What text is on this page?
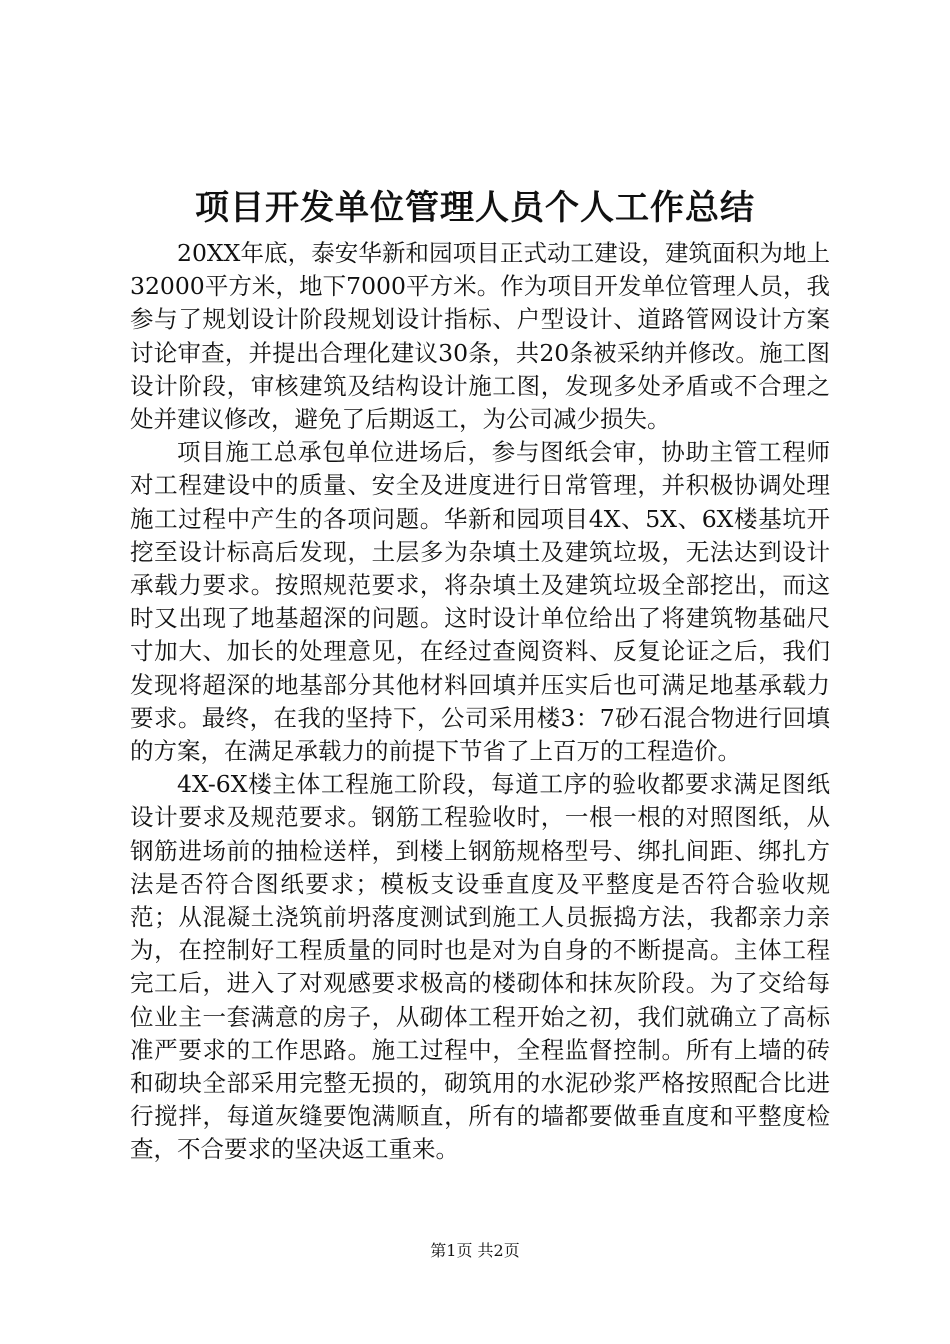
项目开发单位管理人员个人工作总结

20XX年底，泰安华新和园项目正式动工建设，建筑面积为地上32000平方米，地下7000平方米。作为项目开发单位管理人员，我参与了规划设计阶段规划设计指标、户型设计、道路管网设计方案讨论审查，并提出合理化建议30条，共20条被采纳并修改。施工图设计阶段，审核建筑及结构设计施工图，发现多处矛盾或不合理之处并建议修改，避免了后期返工，为公司减少损失。

项目施工总承包单位进场后，参与图纸会审，协助主管工程师对工程建设中的质量、安全及进度进行日常管理，并积极协调处理施工过程中产生的各项问题。华新和园项目4X、5X、6X楼基坑开挖至设计标高后发现，土层多为杂填土及建筑垃圾，无法达到设计承载力要求。按照规范要求，将杂填土及建筑垃圾全部挖出，而这时又出现了地基超深的问题。这时设计单位给出了将建筑物基础尺寸加大、加长的处理意见，在经过查阅资料、反复论证之后，我们发现将超深的地基部分其他材料回填并压实后也可满足地基承载力要求。最终，在我的坚持下，公司采用楼3：7砂石混合物进行回填的方案，在满足承载力的前提下节省了上百万的工程造价。

4X-6X楼主体工程施工阶段，每道工序的验收都要求满足图纸设计要求及规范要求。钢筋工程验收时，一根一根的对照图纸，从钢筋进场前的抽检送样，到楼上钢筋规格型号、绑扎间距、绑扎方法是否符合图纸要求；模板支设垂直度及平整度是否符合验收规范；从混凝土浇筑前坍落度测试到施工人员振捣方法，我都亲力亲为，在控制好工程质量的同时也是对为自身的不断提高。主体工程完工后，进入了对观感要求极高的楼砌体和抹灰阶段。为了交给每位业主一套满意的房子，从砌体工程开始之初，我们就确立了高标准严要求的工作思路。施工过程中，全程监督控制。所有上墙的砖和砌块全部采用完整无损的，砌筑用的水泥砂浆严格按照配合比进行搅拌，每道灰缝要饱满顺直，所有的墙都要做垂直度和平整度检查，不合要求的坚决返工重来。

第1页 共2页
